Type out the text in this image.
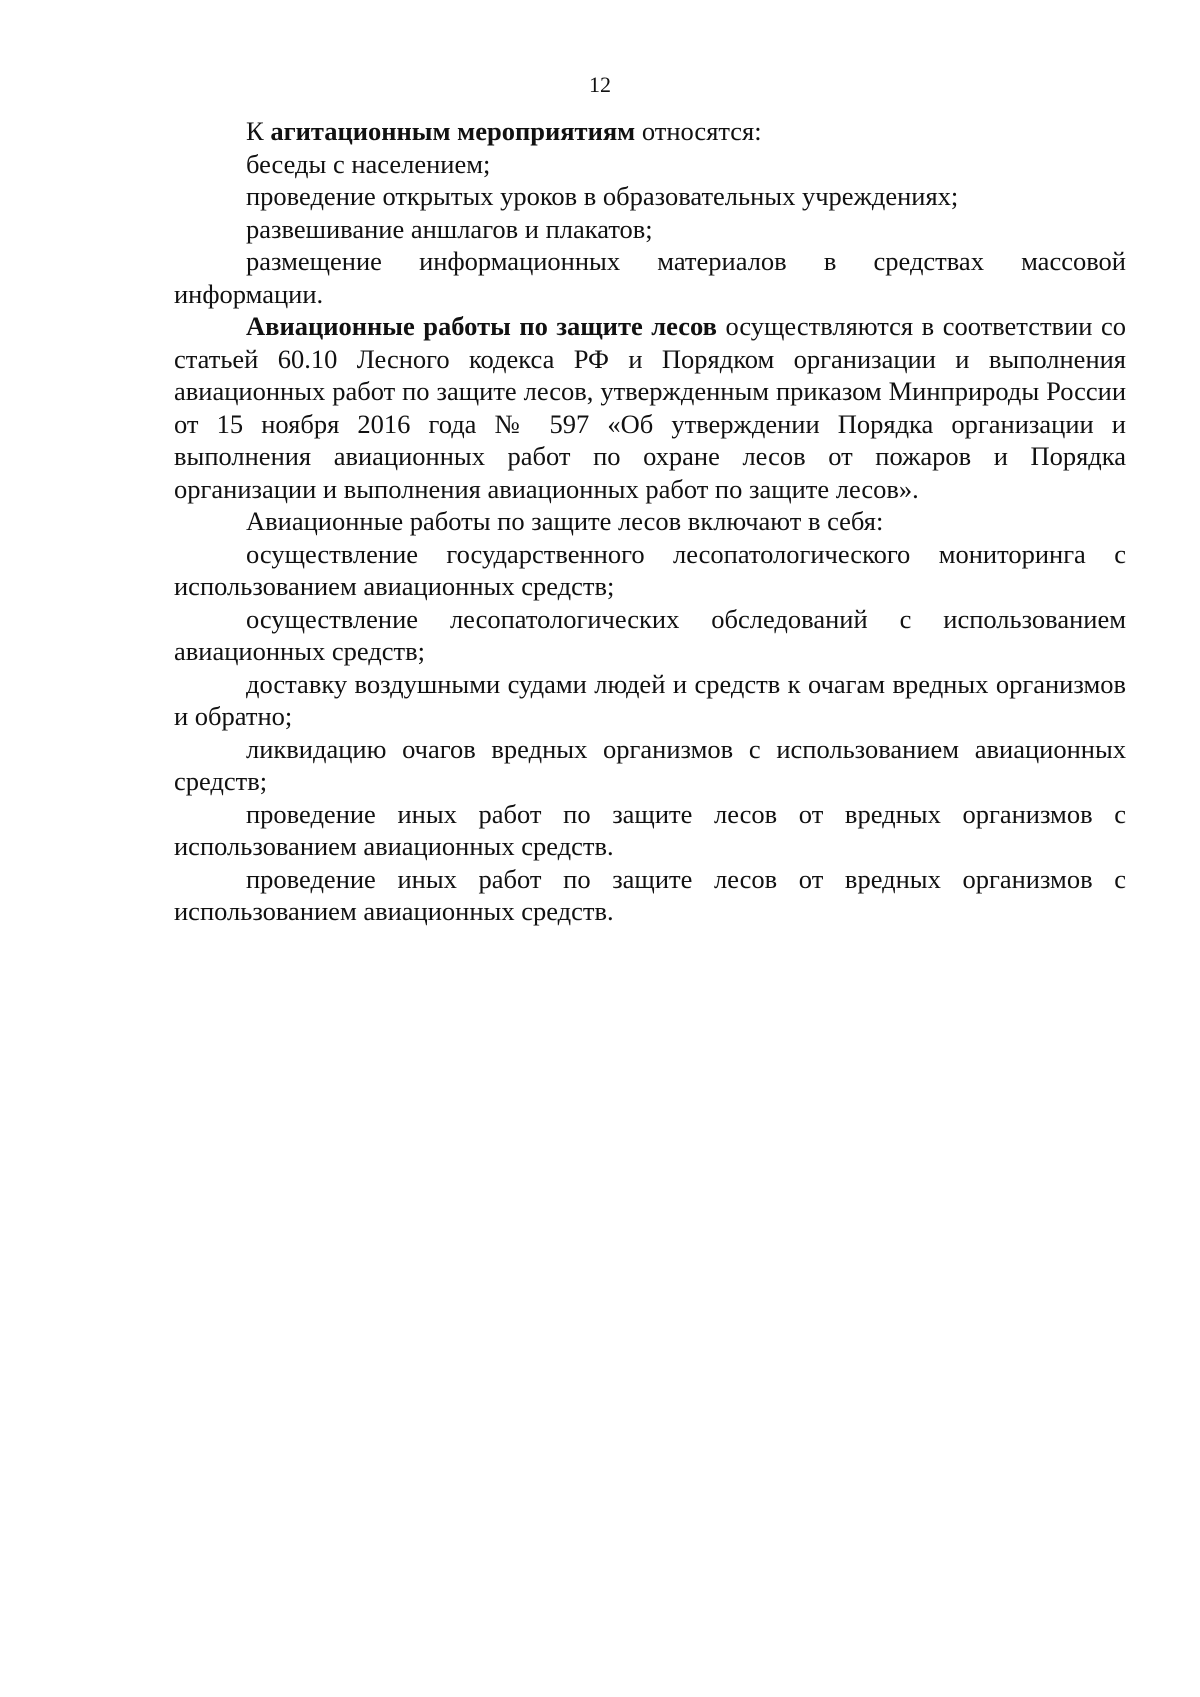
12

К агитационным мероприятиям относятся:

беседы с населением;

проведение открытых уроков в образовательных учреждениях;

развешивание аншлагов и плакатов;

размещение информационных материалов в средствах массовой информации.

Авиационные работы по защите лесов осуществляются в соответствии со статьей 60.10 Лесного кодекса РФ и Порядком организации и выполнения авиационных работ по защите лесов, утвержденным приказом Минприроды России от 15 ноября 2016 года № 597 «Об утверждении Порядка организации и выполнения авиационных работ по охране лесов от пожаров и Порядка организации и выполнения авиационных работ по защите лесов».

Авиационные работы по защите лесов включают в себя:

осуществление государственного лесопатологического мониторинга с использованием авиационных средств;

осуществление лесопатологических обследований с использованием авиационных средств;

доставку воздушными судами людей и средств к очагам вредных организмов и обратно;

ликвидацию очагов вредных организмов с использованием авиационных средств;

проведение иных работ по защите лесов от вредных организмов с использованием авиационных средств.

проведение иных работ по защите лесов от вредных организмов с использованием авиационных средств.
